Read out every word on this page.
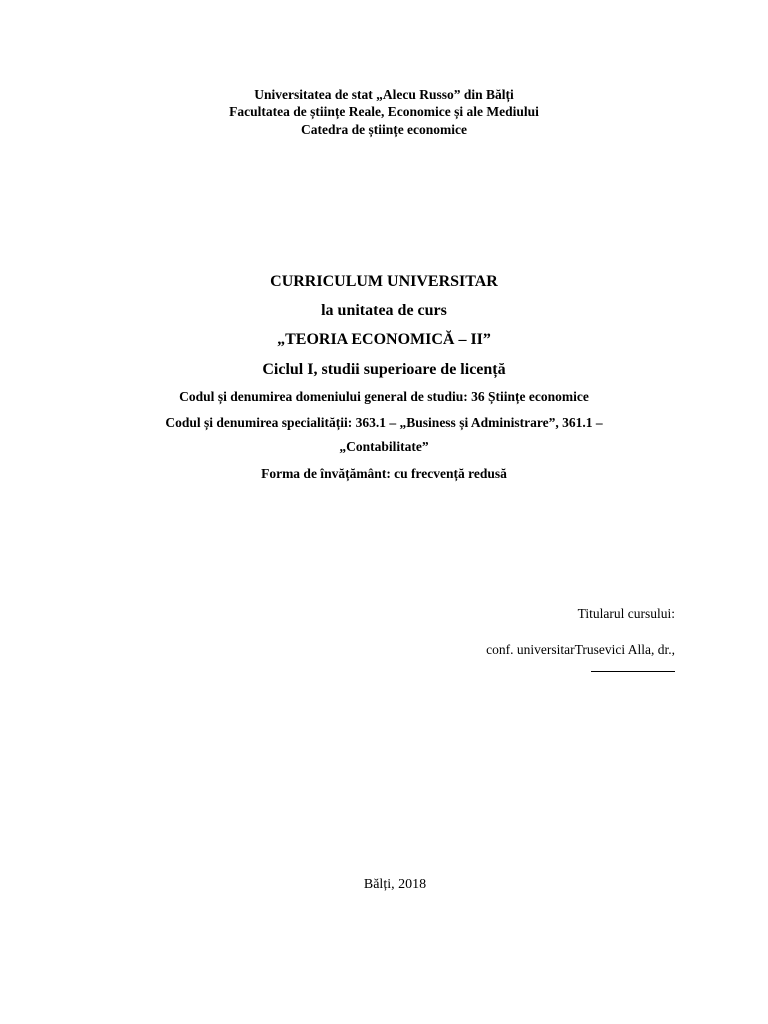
Universitatea de stat „Alecu Russo” din Bălți
Facultatea de științe Reale, Economice și ale Mediului
Catedra de științe economice
CURRICULUM UNIVERSITAR
la unitatea de curs
„TEORIA ECONOMICĂ – II”
Ciclul I, studii superioare de licență
Codul și denumirea domeniului general de studiu: 36 Științe economice
Codul și denumirea specialității: 363.1 – „Business și Administrare”, 361.1 –
„Contabilitate”
Forma de învățământ: cu frecvență redusă
Titularul cursului:
conf. universitarTrusevici Alla, dr.,
Bălți, 2018
